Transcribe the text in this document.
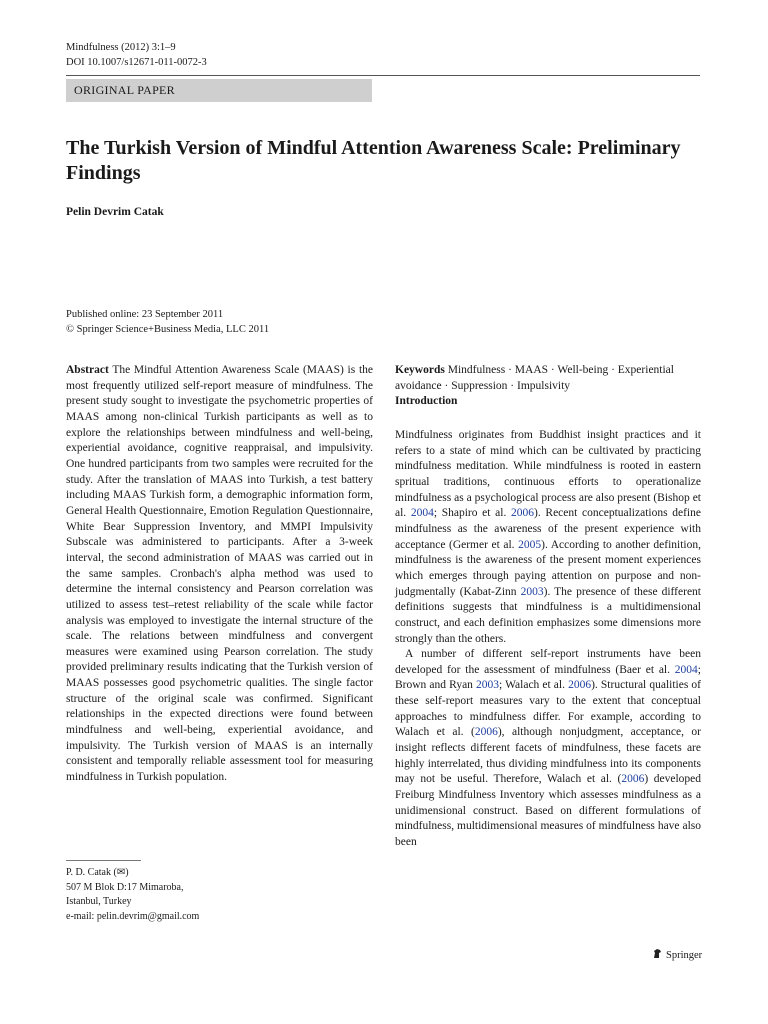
Mindfulness (2012) 3:1–9
DOI 10.1007/s12671-011-0072-3
ORIGINAL PAPER
The Turkish Version of Mindful Attention Awareness Scale: Preliminary Findings
Pelin Devrim Catak
Published online: 23 September 2011
© Springer Science+Business Media, LLC 2011

Abstract The Mindful Attention Awareness Scale (MAAS) is the most frequently utilized self-report measure of mindfulness. The present study sought to investigate the psychometric properties of MAAS among non-clinical Turkish participants as well as to explore the relationships between mindfulness and well-being, experiential avoidance, cognitive reappraisal, and impulsivity. One hundred participants from two samples were recruited for the study. After the translation of MAAS into Turkish, a test battery including MAAS Turkish form, a demographic information form, General Health Questionnaire, Emotion Regulation Questionnaire, White Bear Suppression Inventory, and MMPI Impulsivity Subscale was administered to participants. After a 3-week interval, the second administration of MAAS was carried out in the same samples. Cronbach's alpha method was used to determine the internal consistency and Pearson correlation was utilized to assess test–retest reliability of the scale while factor analysis was employed to investigate the internal structure of the scale. The relations between mindfulness and convergent measures were examined using Pearson correlation. The study provided preliminary results indicating that the Turkish version of MAAS possesses good psychometric qualities. The single factor structure of the original scale was confirmed. Significant relationships in the expected directions were found between mindfulness and well-being, experiential avoidance, and impulsivity. The Turkish version of MAAS is an internally consistent and temporally reliable assessment tool for measuring mindfulness in Turkish population.

P. D. Catak (✉)
507 M Blok D:17 Mimaroba,
Istanbul, Turkey
e-mail: pelin.devrim@gmail.com

Keywords Mindfulness · MAAS · Well-being · Experiential avoidance · Suppression · Impulsivity

Introduction

Mindfulness originates from Buddhist insight practices and it refers to a state of mind which can be cultivated by practicing mindfulness meditation. While mindfulness is rooted in eastern spritual traditions, continuous efforts to operationalize mindfulness as a psychological process are also present (Bishop et al. 2004; Shapiro et al. 2006). Recent conceptualizations define mindfulness as the awareness of the present experience with acceptance (Germer et al. 2005). According to another definition, mindfulness is the awareness of the present moment experiences which emerges through paying attention on purpose and non-judgmentally (Kabat-Zinn 2003). The presence of these different definitions suggests that mindfulness is a multidimensional construct, and each definition emphasizes some dimensions more strongly than the others.

A number of different self-report instruments have been developed for the assessment of mindfulness (Baer et al. 2004; Brown and Ryan 2003; Walach et al. 2006). Structural qualities of these self-report measures vary to the extent that conceptual approaches to mindfulness differ. For example, according to Walach et al. (2006), although nonjudgment, acceptance, or insight reflects different facets of mindfulness, these facets are highly interrelated, thus dividing mindfulness into its components may not be useful. Therefore, Walach et al. (2006) developed Freiburg Mindfulness Inventory which assesses mindfulness as a unidimensional construct. Based on different formulations of mindfulness, multidimensional measures of mindfulness have also been

Springer
